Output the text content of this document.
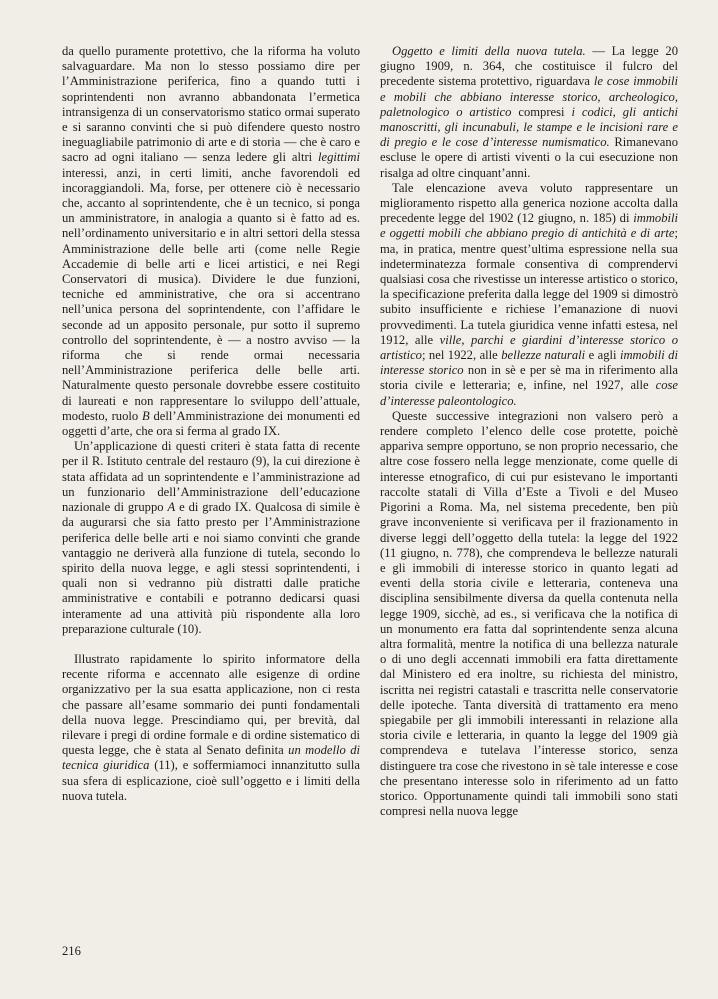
da quello puramente protettivo, che la riforma ha voluto salvaguardare. Ma non lo stesso possiamo dire per l’Amministrazione periferica, fino a quando tutti i soprintendenti non avranno abbandonata l’ermetica intransigenza di un conservatorismo statico ormai superato e si saranno convinti che si può difendere questo nostro ineguagliabile patrimonio di arte e di storia — che è caro e sacro ad ogni italiano — senza ledere gli altri legittimi interessi, anzi, in certi limiti, anche favorendoli ed incoraggiandoli. Ma, forse, per ottenere ciò è necessario che, accanto al soprintendente, che è un tecnico, si ponga un amministratore, in analogia a quanto si è fatto ad es. nell’ordinamento universitario e in altri settori della stessa Amministrazione delle belle arti (come nelle Regie Accademie di belle arti e licei artistici, e nei Regi Conservatori di musica). Dividere le due funzioni, tecniche ed amministrative, che ora si accentrano nell’unica persona del soprintendente, con l’affidare le seconde ad un apposito personale, pur sotto il supremo controllo del soprintendente, è — a nostro avviso — la riforma che si rende ormai necessaria nell’Amministrazione periferica delle belle arti. Naturalmente questo personale dovrebbe essere costituito di laureati e non rappresentare lo sviluppo dell’attuale, modesto, ruolo B dell’Amministrazione dei monumenti ed oggetti d’arte, che ora si ferma al grado IX.

Un’applicazione di questi criteri è stata fatta di recente per il R. Istituto centrale del restauro (9), la cui direzione è stata affidata ad un soprintendente e l’amministrazione ad un funzionario dell’Amministrazione dell’educazione nazionale di gruppo A e di grado IX. Qualcosa di simile è da augurarsi che sia fatto presto per l’Amministrazione periferica delle belle arti e noi siamo convinti che grande vantaggio ne deriverà alla funzione di tutela, secondo lo spirito della nuova legge, e agli stessi soprintendenti, i quali non si vedranno più distratti dalle pratiche amministrative e contabili e potranno dedicarsi quasi interamente ad una attività più rispondente alla loro preparazione culturale (10).

Illustrato rapidamente lo spirito informatore della recente riforma e accennato alle esigenze di ordine organizzativo per la sua esatta applicazione, non ci resta che passare all’esame sommario dei punti fondamentali della nuova legge. Prescindiamo qui, per brevità, dal rilevare i pregi di ordine formale e di ordine sistematico di questa legge, che è stata al Senato definita un modello di tecnica giuridica (11), e soffermiamoci innanzitutto sulla sua sfera di esplicazione, cioè sull’oggetto e i limiti della nuova tutela.

Oggetto e limiti della nuova tutela. — La legge 20 giugno 1909, n. 364, che costituisce il fulcro del precedente sistema protettivo, riguardava le cose immobili e mobili che abbiano interesse storico, archeologico, paletnologico o artistico compresi i codici, gli antichi manoscritti, gli incunabuli, le stampe e le incisioni rare e di pregio e le cose d’interesse numismatico. Rimanevano escluse le opere di artisti viventi o la cui esecuzione non risalga ad oltre cinquant’anni.

Tale elencazione aveva voluto rappresentare un miglioramento rispetto alla generica nozione accolta dalla precedente legge del 1902 (12 giugno, n. 185) di immobili e oggetti mobili che abbiano pregio di antichità e di arte; ma, in pratica, mentre quest’ultima espressione nella sua indeterminatezza formale consentiva di comprendervi qualsiasi cosa che rivestisse un interesse artistico o storico, la specificazione preferita dalla legge del 1909 si dimostrò subito insufficiente e richiese l’emanazione di nuovi provvedimenti. La tutela giuridica venne infatti estesa, nel 1912, alle ville, parchi e giardini d’interesse storico o artistico; nel 1922, alle bellezze naturali e agli immobili di interesse storico non in sè e per sè ma in riferimento alla storia civile e letteraria; e, infine, nel 1927, alle cose d’interesse paleontologico.

Queste successive integrazioni non valsero però a rendere completo l’elenco delle cose protette, poichè appariva sempre opportuno, se non proprio necessario, che altre cose fossero nella legge menzionate, come quelle di interesse etnografico, di cui pur esistevano le importanti raccolte statali di Villa d’Este a Tivoli e del Museo Pigorini a Roma. Ma, nel sistema precedente, ben più grave inconveniente si verificava per il frazionamento in diverse leggi dell’oggetto della tutela: la legge del 1922 (11 giugno, n. 778), che comprendeva le bellezze naturali e gli immobili di interesse storico in quanto legati ad eventi della storia civile e letteraria, conteneva una disciplina sensibilmente diversa da quella contenuta nella legge 1909, sicchè, ad es., si verificava che la notifica di un monumento era fatta dal soprintendente senza alcuna altra formalità, mentre la notifica di una bellezza naturale o di uno degli accennati immobili era fatta direttamente dal Ministero ed era inoltre, su richiesta del ministro, iscritta nei registri catastali e trascritta nelle conservatorie delle ipoteche. Tanta diversità di trattamento era meno spiegabile per gli immobili interessanti in relazione alla storia civile e letteraria, in quanto la legge del 1909 già comprendeva e tutelava l’interesse storico, senza distinguere tra cose che rivestono in sè tale interesse e cose che presentano interesse solo in riferimento ad un fatto storico. Opportunamente quindi tali immobili sono stati compresi nella nuova legge

216
